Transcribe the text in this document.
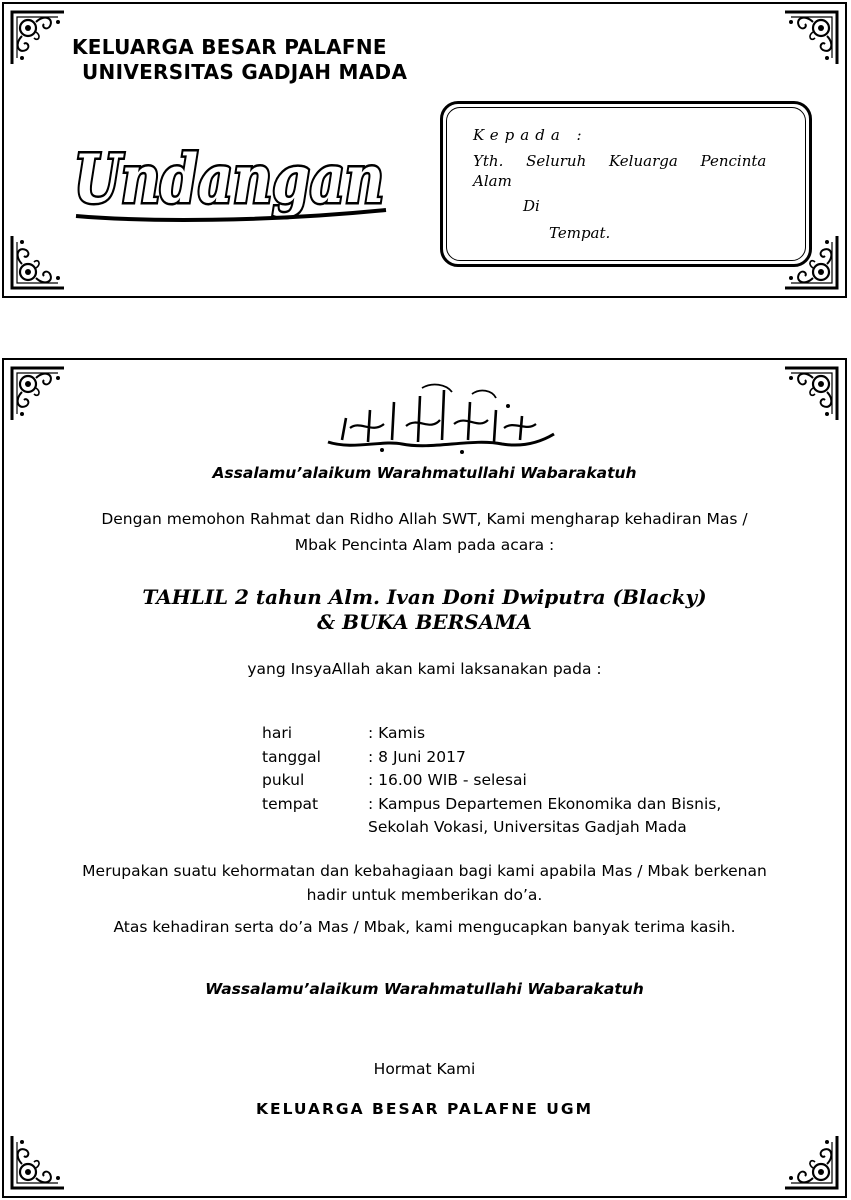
KELUARGA BESAR PALAFNE
UNIVERSITAS GADJAH MADA
Undangan
Kepada :
Yth. Seluruh Keluarga Pencinta
Alam
Di
Tempat.
Assalamu’alaikum Warahmatullahi Wabarakatuh
Dengan memohon Rahmat dan Ridho Allah SWT, Kami mengharap kehadiran Mas /
Mbak Pencinta Alam pada acara :
TAHLIL 2 tahun Alm. Ivan Doni Dwiputra (Blacky)
& BUKA BERSAMA
yang InsyaAllah akan kami laksanakan pada :
hari	: Kamis
tanggal	: 8 Juni 2017
pukul	: 16.00 WIB - selesai
tempat	: Kampus Departemen Ekonomika dan Bisnis,
Sekolah Vokasi, Universitas Gadjah Mada
Merupakan suatu kehormatan dan kebahagiaan bagi kami apabila Mas / Mbak berkenan
hadir untuk memberikan do’a.
Atas kehadiran serta do’a Mas / Mbak, kami mengucapkan banyak terima kasih.
Wassalamu’alaikum Warahmatullahi Wabarakatuh
Hormat Kami
KELUARGA BESAR PALAFNE UGM
